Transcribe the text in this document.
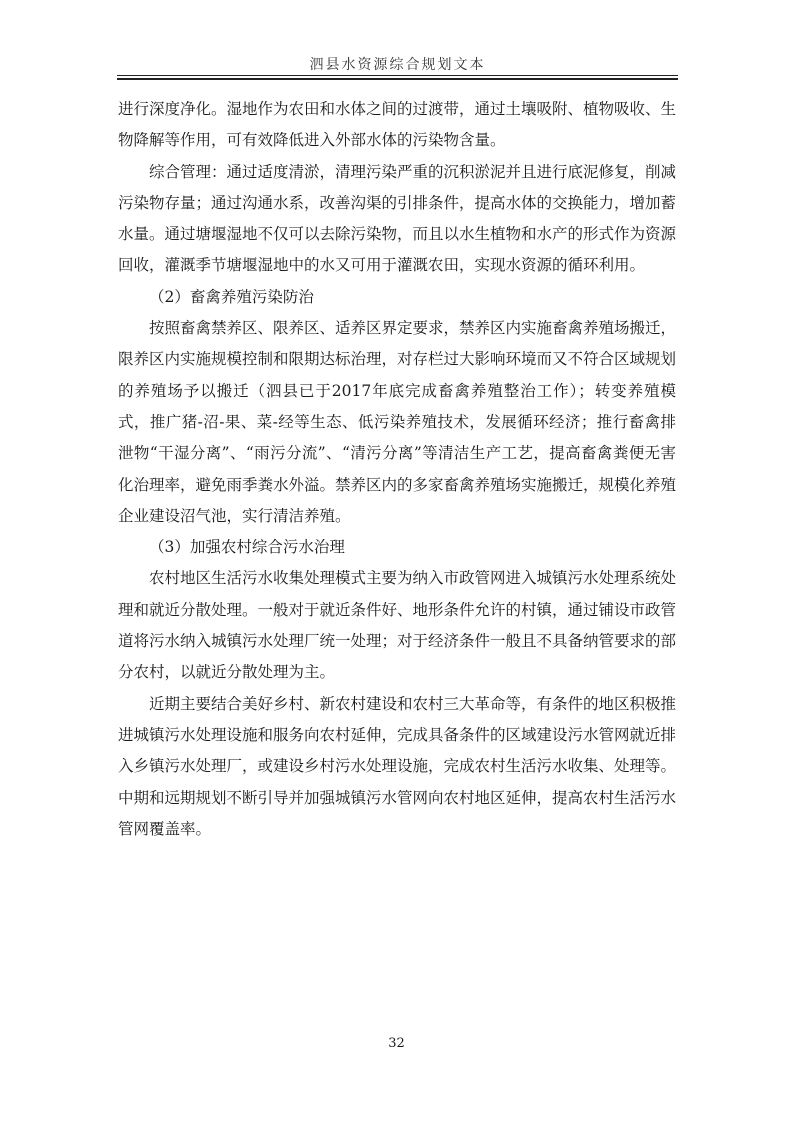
泗县水资源综合规划文本

进行深度净化。湿地作为农田和水体之间的过渡带，通过土壤吸附、植物吸收、生物降解等作用，可有效降低进入外部水体的污染物含量。

综合管理：通过适度清淤，清理污染严重的沉积淤泥并且进行底泥修复，削减污染物存量；通过沟通水系，改善沟渠的引排条件，提高水体的交换能力，增加蓄水量。通过塘堰湿地不仅可以去除污染物，而且以水生植物和水产的形式作为资源回收，灌溉季节塘堰湿地中的水又可用于灌溉农田，实现水资源的循环利用。

（2）畜禽养殖污染防治

按照畜禽禁养区、限养区、适养区界定要求，禁养区内实施畜禽养殖场搬迁，限养区内实施规模控制和限期达标治理，对存栏过大影响环境而又不符合区域规划的养殖场予以搬迁（泗县已于2017年底完成畜禽养殖整治工作）；转变养殖模式，推广猪-沼-果、菜-经等生态、低污染养殖技术，发展循环经济；推行畜禽排泄物“干湿分离”、“雨污分流”、“清污分离”等清洁生产工艺，提高畜禽粪便无害化治理率，避免雨季粪水外溢。禁养区内的多家畜禽养殖场实施搬迁，规模化养殖企业建设沼气池，实行清洁养殖。

（3）加强农村综合污水治理

农村地区生活污水收集处理模式主要为纳入市政管网进入城镇污水处理系统处理和就近分散处理。一般对于就近条件好、地形条件允许的村镇，通过铺设市政管道将污水纳入城镇污水处理厂统一处理；对于经济条件一般且不具备纳管要求的部分农村，以就近分散处理为主。

近期主要结合美好乡村、新农村建设和农村三大革命等，有条件的地区积极推进城镇污水处理设施和服务向农村延伸，完成具备条件的区域建设污水管网就近排入乡镇污水处理厂，或建设乡村污水处理设施，完成农村生活污水收集、处理等。中期和远期规划不断引导并加强城镇污水管网向农村地区延伸，提高农村生活污水管网覆盖率。

32
